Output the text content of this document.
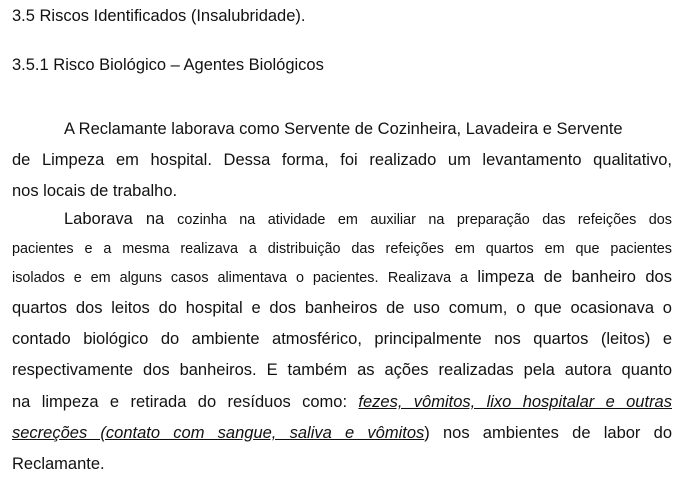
3.5 Riscos Identificados (Insalubridade).
3.5.1 Risco Biológico – Agentes Biológicos
A Reclamante laborava como Servente de Cozinheira, Lavadeira e Servente
de Limpeza em hospital. Dessa forma, foi realizado um levantamento qualitativo,
nos locais de trabalho.
Laborava na cozinha na atividade em auxiliar na preparação das refeições dos
pacientes e a mesma realizava a distribuição das refeições em quartos em que pacientes
isolados e em alguns casos alimentava o pacientes. Realizava a limpeza de banheiro dos
quartos dos leitos do hospital e dos banheiros de uso comum, o que ocasionava o
contado biológico do ambiente atmosférico, principalmente nos quartos (leitos) e
respectivamente dos banheiros. E também as ações realizadas pela autora quanto
na limpeza e retirada do resíduos como: fezes, vômitos, lixo hospitalar e outras
secreções (contato com sangue, saliva e vômitos) nos ambientes de labor do
Reclamante.
